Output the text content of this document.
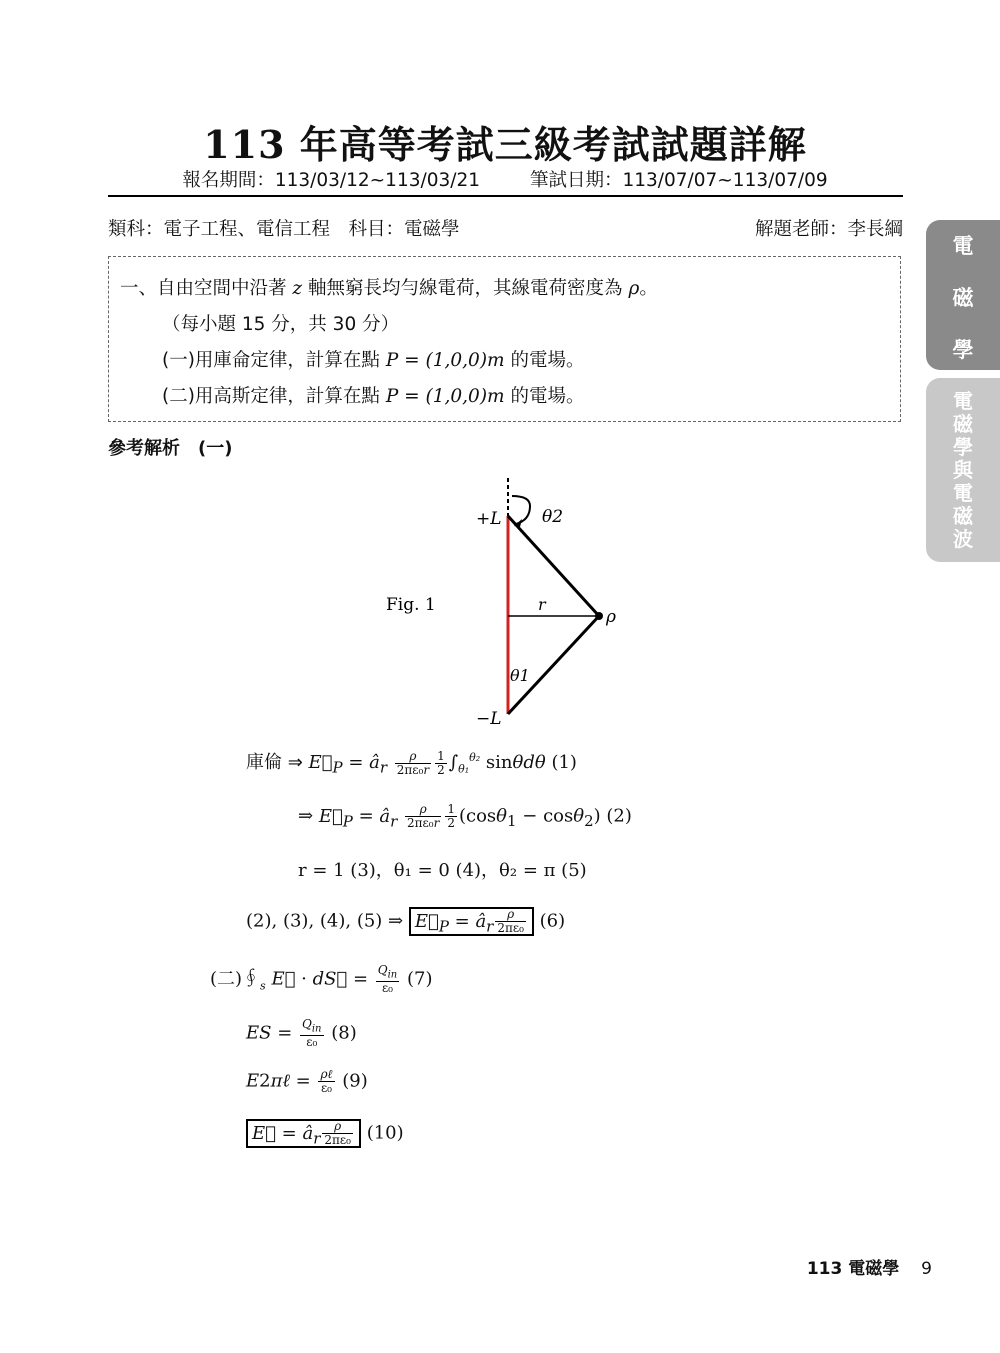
113 年高等考試三級考試試題詳解
報名期間：113/03/12~113/03/21	筆試日期：113/07/07~113/07/09
類科：電子工程、電信工程　科目：電磁學	解題老師：李長綱
一、自由空間中沿著 z 軸無窮長均勻線電荷，其線電荷密度為 ρ。
（每小題 15 分，共 30 分）
(一)用庫侖定律，計算在點 P = (1,0,0)m 的電場。
(二)用高斯定律，計算在點 P = (1,0,0)m 的電場。
參考解析　(一)
Fig. 1
+L
−L
θ2
θ1
r
ρ
庫倫 ⇒ $E⃗_P$ = $â_r \frac{\rho}{\text{2πε₀r}} \frac{1}{2} \int_{\theta_1}^{\theta_2}$ sinθdθ (1)
⇒ $E⃗_P$ = $â_r \frac{\rho}{\text{2πε₀r}} \frac{1}{2} (\cos\theta_1 - \cos\theta_2)$ (2)
r = 1 (3)，θ₁ = 0 (4)，θ₂ = π (5)
(2), (3), (4), (5) ⇒ $E⃗_P$ = $â_r \frac{\rho}{\text{2πε₀}} (6)$
(二)$∮_s$ E⃗ · dS⃗ = $\frac{Q_{in}}{\text{ε₀}} (7)$
ES = $\frac{Q_{in}}{\text{ε₀}} (8)$
E2πℓ = $\frac{\text{ρℓ}}{\text{ε₀}} (9)$
E⃗ = $â_r \frac{\rho}{\text{2πε₀}} (10)$
電
磁
學
電
磁
學
與
電
磁
波
113 電磁學 9
